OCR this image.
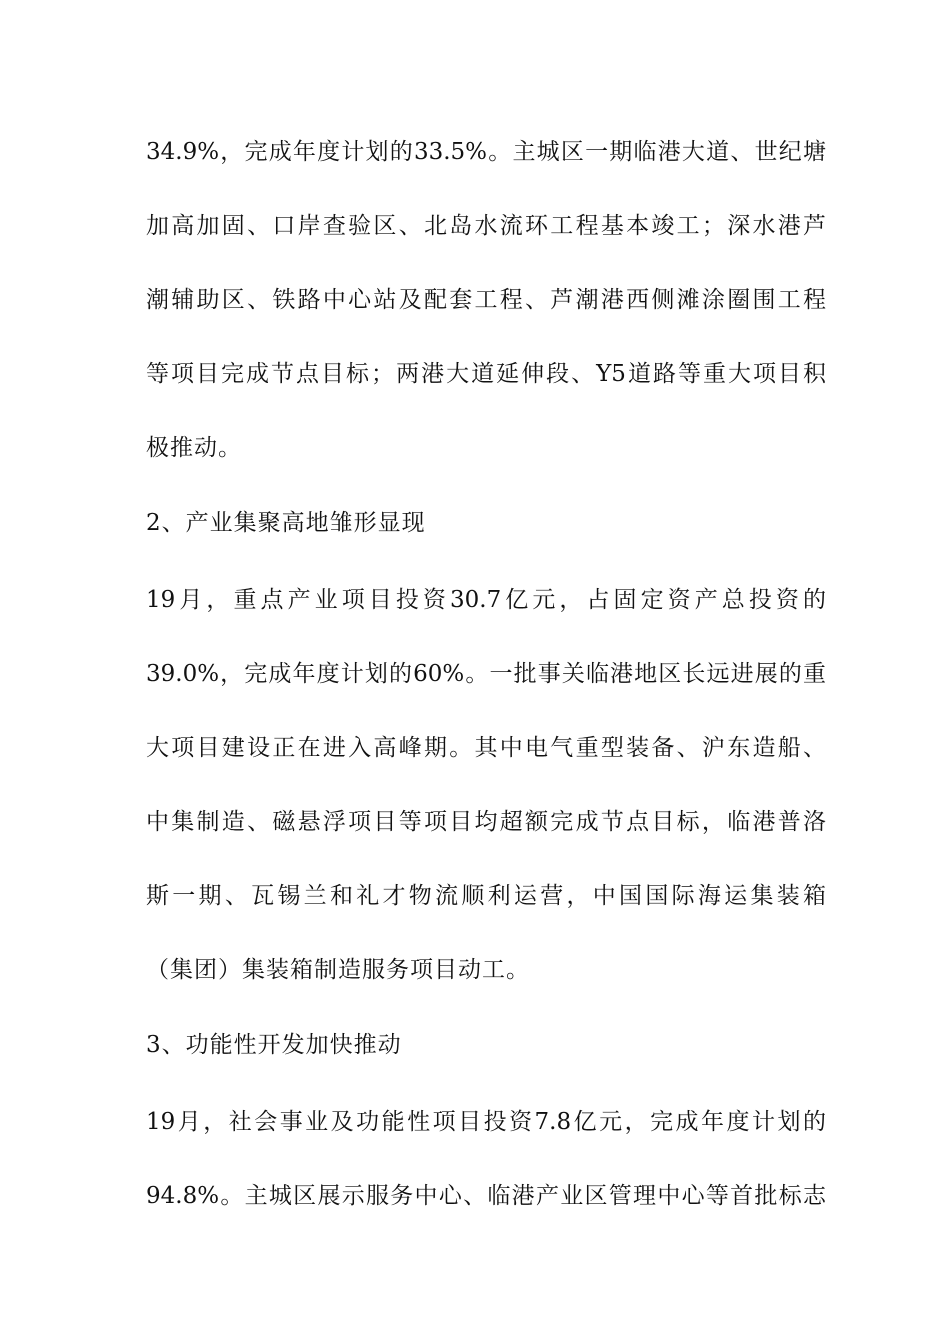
34.9%，完成年度计划的33.5%。主城区一期临港大道、世纪塘
加高加固、口岸查验区、北岛水流环工程基本竣工；深水港芦
潮辅助区、铁路中心站及配套工程、芦潮港西侧滩涂圈围工程
等项目完成节点目标；两港大道延伸段、Y5道路等重大项目积
极推动。
2、产业集聚高地雏形显现
19月，重点产业项目投资30.7亿元，占固定资产总投资的
39.0%，完成年度计划的60%。一批事关临港地区长远进展的重
大项目建设正在进入高峰期。其中电气重型装备、沪东造船、
中集制造、磁悬浮项目等项目均超额完成节点目标，临港普洛
斯一期、瓦锡兰和礼才物流顺利运营，中国国际海运集装箱
（集团）集装箱制造服务项目动工。
3、功能性开发加快推动
19月，社会事业及功能性项目投资7.8亿元，完成年度计划的
94.8%。主城区展示服务中心、临港产业区管理中心等首批标志
